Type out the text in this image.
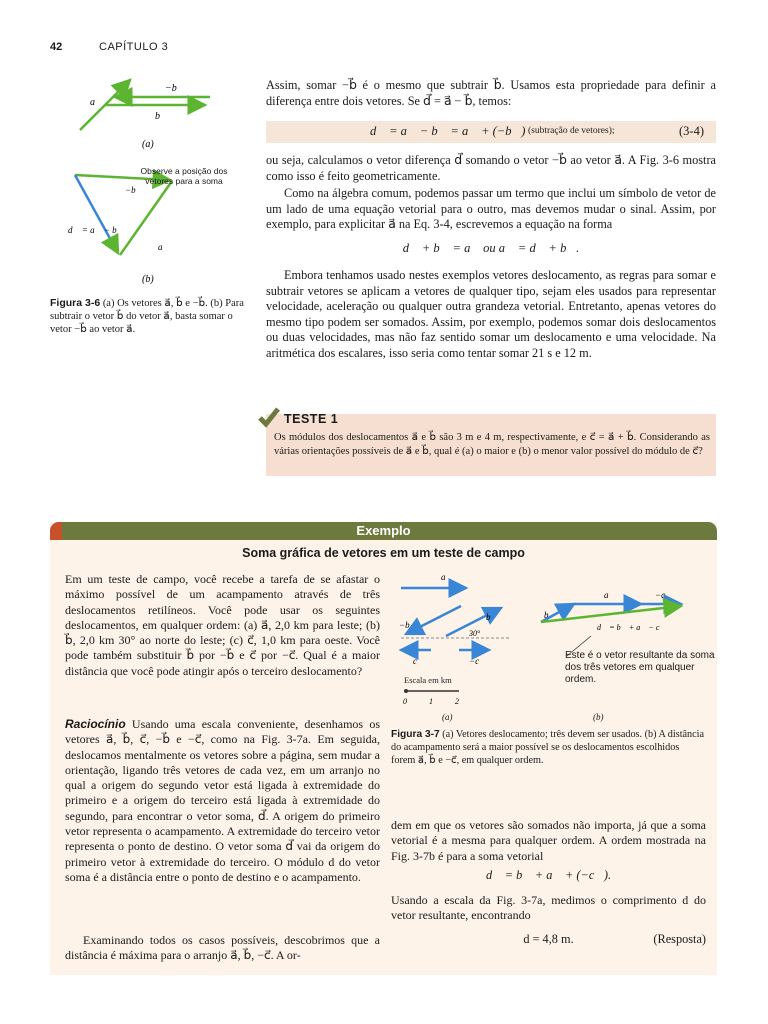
42	CAPÍTULO 3
a⃗
b⃗
−b⃗
(a)
d⃗ = a⃗ − b⃗
−b⃗
a⃗
(b)
Observe a posição dos vetores para a soma
Figura 3-6 (a) Os vetores a⃗, b⃗ e −b⃗. (b) Para subtrair o vetor b⃗ do vetor a⃗, basta somar o vetor −b⃗ ao vetor a⃗.
Assim, somar −b⃗ é o mesmo que subtrair b⃗. Usamos esta propriedade para definir a diferença entre dois vetores. Se d⃗ = a⃗ − b⃗, temos:
d⃗ = a⃗ − b⃗ = a⃗ + (−b⃗) (subtração de vetores);	(3-4)
ou seja, calculamos o vetor diferença d⃗ somando o vetor −b⃗ ao vetor a⃗. A Fig. 3-6 mostra como isso é feito geometricamente.
Como na álgebra comum, podemos passar um termo que inclui um símbolo de vetor de um lado de uma equação vetorial para o outro, mas devemos mudar o sinal. Assim, por exemplo, para explicitar a⃗ na Eq. 3-4, escrevemos a equação na forma
d⃗ + b⃗ = a⃗ ou a⃗ = d⃗ + b⃗.
Embora tenhamos usado nestes exemplos vetores deslocamento, as regras para somar e subtrair vetores se aplicam a vetores de qualquer tipo, sejam eles usados para representar velocidade, aceleração ou qualquer outra grandeza vetorial. Entretanto, apenas vetores do mesmo tipo podem ser somados. Assim, por exemplo, podemos somar dois deslocamentos ou duas velocidades, mas não faz sentido somar um deslocamento e uma velocidade. Na aritmética dos escalares, isso seria como tentar somar 21 s e 12 m.
TESTE 1
Os módulos dos deslocamentos a⃗ e b⃗ são 3 m e 4 m, respectivamente, e c⃗ = a⃗ + b⃗. Considerando as várias orientações possíveis de a⃗ e b⃗, qual é (a) o maior e (b) o menor valor possível do módulo de c⃗?
Exemplo
Soma gráfica de vetores em um teste de campo
Em um teste de campo, você recebe a tarefa de se afastar o máximo possível de um acampamento através de três deslocamentos retilíneos. Você pode usar os seguintes deslocamentos, em qualquer ordem: (a) a⃗, 2,0 km para leste; (b) b⃗, 2,0 km 30° ao norte do leste; (c) c⃗, 1,0 km para oeste. Você pode também substituir b⃗ por −b⃗ e c⃗ por −c⃗. Qual é a maior distância que você pode atingir após o terceiro deslocamento?
Raciocínio Usando uma escala conveniente, desenhamos os vetores a⃗, b⃗, c⃗, −b⃗ e −c⃗, como na Fig. 3-7a. Em seguida, deslocamos mentalmente os vetores sobre a página, sem mudar a orientação, ligando três vetores de cada vez, em um arranjo no qual a origem do segundo vetor está ligada à extremidade do primeiro e a origem do terceiro está ligada à extremidade do segundo, para encontrar o vetor soma, d⃗. A origem do primeiro vetor representa o acampamento. A extremidade do terceiro vetor representa o ponto de destino. O vetor soma d⃗ vai da origem do primeiro vetor à extremidade do terceiro. O módulo d do vetor soma é a distância entre o ponto de destino e o acampamento.
Examinando todos os casos possíveis, descobrimos que a distância é máxima para o arranjo a⃗, b⃗, −c⃗. A or-
a⃗
−b⃗
b⃗
30°
c⃗	−c⃗
0	1	2
b⃗
a⃗	−c⃗
d⃗ = b⃗ + a⃗ − c⃗
Este é o vetor resultante da soma dos três vetores em qualquer ordem.
Escala em km
(a)	(b)
Figura 3-7 (a) Vetores deslocamento; três devem ser usados. (b) A distância do acampamento será a maior possível se os deslocamentos escolhidos forem a⃗, b⃗ e −c⃗, em qualquer ordem.
dem em que os vetores são somados não importa, já que a soma vetorial é a mesma para qualquer ordem. A ordem mostrada na Fig. 3-7b é para a soma vetorial
d⃗ = b⃗ + a⃗ + (−c⃗).
Usando a escala da Fig. 3-7a, medimos o comprimento d do vetor resultante, encontrando
d = 4,8 m.	(Resposta)
